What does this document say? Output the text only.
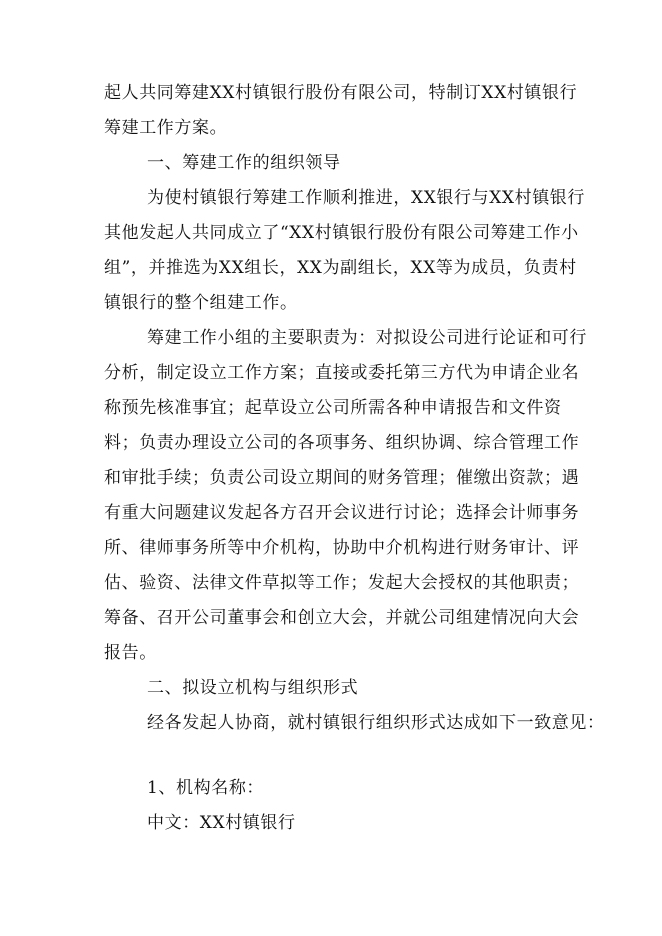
起人共同筹建XX村镇银行股份有限公司，特制订XX村镇银行
筹建工作方案。
一、筹建工作的组织领导
为使村镇银行筹建工作顺利推进，XX银行与XX村镇银行
其他发起人共同成立了“XX村镇银行股份有限公司筹建工作小
组”，并推选为XX组长，XX为副组长，XX等为成员，负责村
镇银行的整个组建工作。
筹建工作小组的主要职责为：对拟设公司进行论证和可行
分析，制定设立工作方案；直接或委托第三方代为申请企业名
称预先核准事宜；起草设立公司所需各种申请报告和文件资
料；负责办理设立公司的各项事务、组织协调、综合管理工作
和审批手续；负责公司设立期间的财务管理；催缴出资款；遇
有重大问题建议发起各方召开会议进行讨论；选择会计师事务
所、律师事务所等中介机构，协助中介机构进行财务审计、评
估、验资、法律文件草拟等工作；发起大会授权的其他职责；
筹备、召开公司董事会和创立大会，并就公司组建情况向大会
报告。
二、拟设立机构与组织形式
经各发起人协商，就村镇银行组织形式达成如下一致意见：
1、机构名称：
中文：XX村镇银行
